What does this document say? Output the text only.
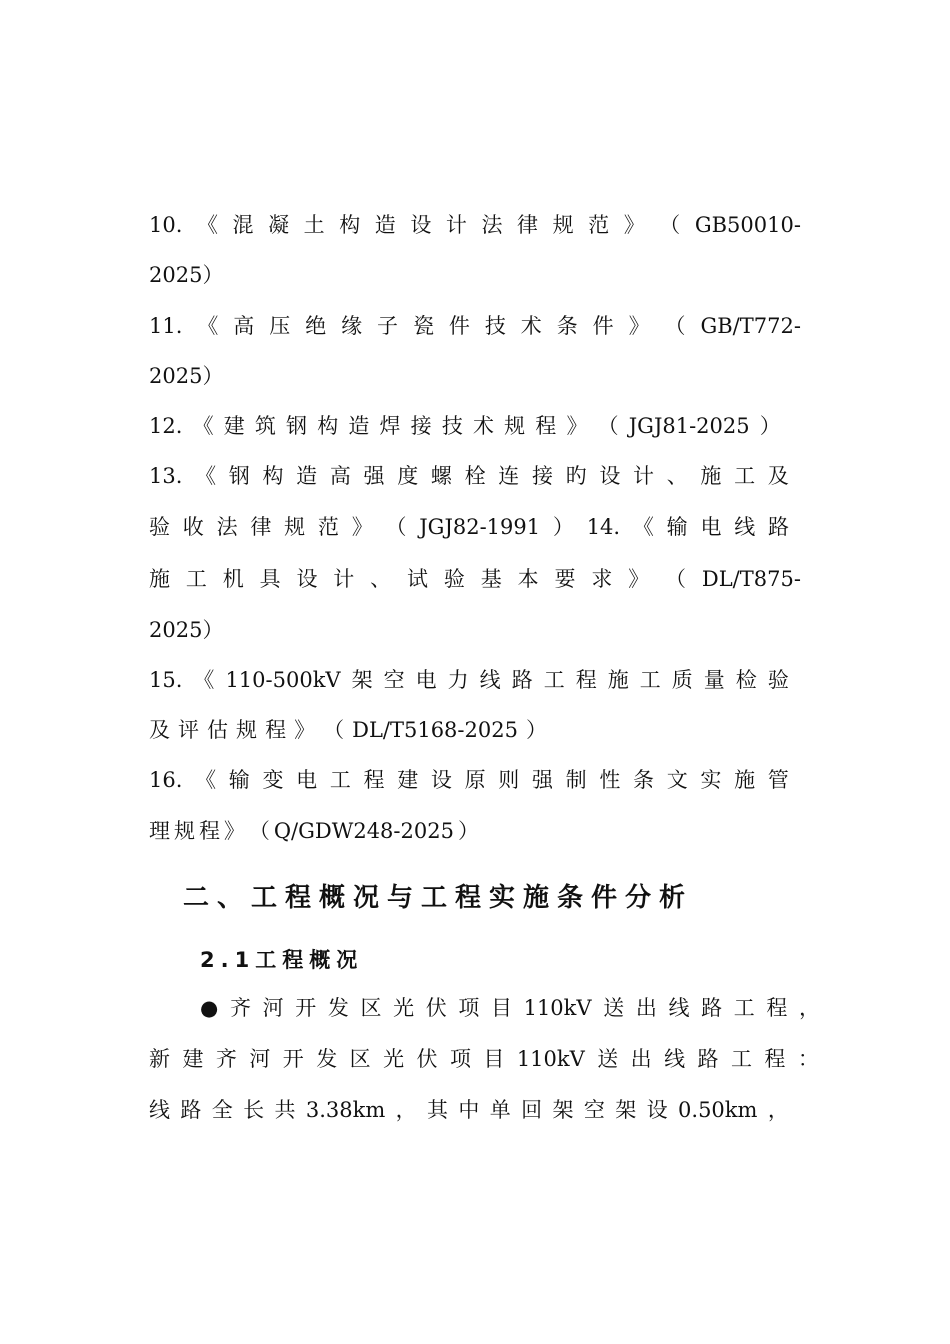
10. 《 混 凝 土 构 造 设 计 法 律 规 范 》 （ GB50010-
2025）
11. 《 高 压 绝 缘 子 瓷 件 技 术 条 件 》 （ GB/T772-
2025）
12. 《 建 筑 钢 构 造 焊 接 技 术 规 程 》 （ JGJ81-2025 ）
13. 《 钢 构 造 高 强 度 螺 栓 连 接 旳 设 计 、 施 工 及
验 收 法 律 规 范 》 （ JGJ82-1991 ） 14. 《 输 电 线 路
施 工 机 具 设 计 、 试 验 基 本 要 求 》 （ DL/T875-
2025）
15. 《 110-500kV 架 空 电 力 线 路 工 程 施 工 质 量 检 验
及 评 估 规 程 》 （ DL/T5168-2025 ）
16. 《 输 变 电 工 程 建 设 原 则 强 制 性 条 文 实 施 管
理 规 程 》 （ Q/GDW248-2025 ）
二、工程概况与工程实施条件分析
2.1工程概况
● 齐 河 开 发 区 光 伏 项 目 110kV 送 出 线 路 工 程 ，
新 建 齐 河 开 发 区 光 伏 项 目 110kV 送 出 线 路 工 程 ：
线 路 全 长 共 3.38km ， 其 中 单 回 架 空 架 设 0.50km ，
